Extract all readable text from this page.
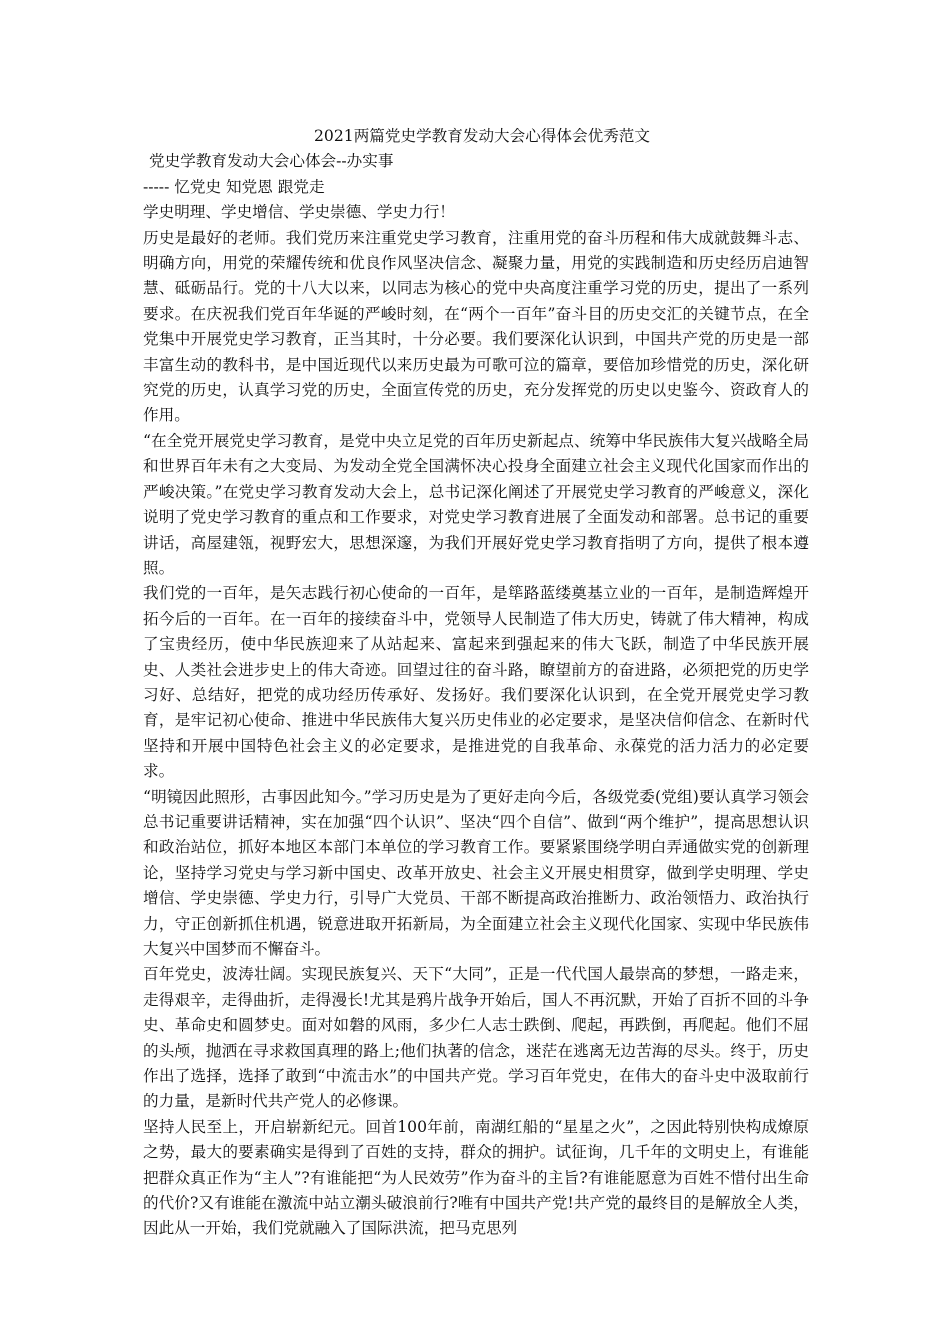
2021两篇党史学教育发动大会心得体会优秀范文

党史学教育发动大会心体会--办实事

----- 忆党史 知党恩 跟党走

学史明理、学史增信、学史崇德、学史力行！

历史是最好的老师。我们党历来注重党史学习教育，注重用党的奋斗历程和伟大成就鼓舞斗志、明确方向，用党的荣耀传统和优良作风坚决信念、凝聚力量，用党的实践制造和历史经历启迪智慧、砥砺品行。党的十八大以来，以同志为核心的党中央高度注重学习党的历史，提出了一系列要求。在庆祝我们党百年华诞的严峻时刻，在“两个一百年”奋斗目的历史交汇的关键节点，在全党集中开展党史学习教育，正当其时，十分必要。我们要深化认识到，中国共产党的历史是一部丰富生动的教科书，是中国近现代以来历史最为可歌可泣的篇章，要倍加珍惜党的历史，深化研究党的历史，认真学习党的历史，全面宣传党的历史，充分发挥党的历史以史鉴今、资政育人的作用。

“在全党开展党史学习教育，是党中央立足党的百年历史新起点、统筹中华民族伟大复兴战略全局和世界百年未有之大变局、为发动全党全国满怀决心投身全面建立社会主义现代化国家而作出的严峻决策。”在党史学习教育发动大会上，总书记深化阐述了开展党史学习教育的严峻意义，深化说明了党史学习教育的重点和工作要求，对党史学习教育进展了全面发动和部署。总书记的重要讲话，高屋建瓴，视野宏大，思想深邃，为我们开展好党史学习教育指明了方向，提供了根本遵照。

我们党的一百年，是矢志践行初心使命的一百年，是筚路蓝缕奠基立业的一百年，是制造辉煌开拓今后的一百年。在一百年的接续奋斗中，党领导人民制造了伟大历史，铸就了伟大精神，构成了宝贵经历，使中华民族迎来了从站起来、富起来到强起来的伟大飞跃，制造了中华民族开展史、人类社会进步史上的伟大奇迹。回望过往的奋斗路，瞭望前方的奋进路，必须把党的历史学习好、总结好，把党的成功经历传承好、发扬好。我们要深化认识到，在全党开展党史学习教育，是牢记初心使命、推进中华民族伟大复兴历史伟业的必定要求，是坚决信仰信念、在新时代坚持和开展中国特色社会主义的必定要求，是推进党的自我革命、永葆党的活力活力的必定要求。

“明镜因此照形，古事因此知今。”学习历史是为了更好走向今后，各级党委(党组)要认真学习领会总书记重要讲话精神，实在加强“四个认识”、坚决“四个自信”、做到“两个维护”，提高思想认识和政治站位，抓好本地区本部门本单位的学习教育工作。要紧紧围绕学明白弄通做实党的创新理论，坚持学习党史与学习新中国史、改革开放史、社会主义开展史相贯穿，做到学史明理、学史增信、学史崇德、学史力行，引导广大党员、干部不断提高政治推断力、政治领悟力、政治执行力，守正创新抓住机遇，锐意进取开拓新局，为全面建立社会主义现代化国家、实现中华民族伟大复兴中国梦而不懈奋斗。

百年党史，波涛壮阔。实现民族复兴、天下“大同”，正是一代代国人最崇高的梦想，一路走来，走得艰辛，走得曲折，走得漫长!尤其是鸦片战争开始后，国人不再沉默，开始了百折不回的斗争史、革命史和圆梦史。面对如磐的风雨，多少仁人志士跌倒、爬起，再跌倒，再爬起。他们不屈的头颅，抛洒在寻求救国真理的路上;他们执著的信念，迷茫在逃离无边苦海的尽头。终于，历史作出了选择，选择了敢到“中流击水”的中国共产党。学习百年党史，在伟大的奋斗史中汲取前行的力量，是新时代共产党人的必修课。

坚持人民至上，开启崭新纪元。回首100年前，南湖红船的“星星之火”，之因此特别快构成燎原之势，最大的要素确实是得到了百姓的支持，群众的拥护。试征询，几千年的文明史上，有谁能把群众真正作为“主人”?有谁能把“为人民效劳”作为奋斗的主旨?有谁能愿意为百姓不惜付出生命的代价?又有谁能在激流中站立潮头破浪前行?唯有中国共产党!共产党的最终目的是解放全人类，因此从一开始，我们党就融入了国际洪流，把马克思列
